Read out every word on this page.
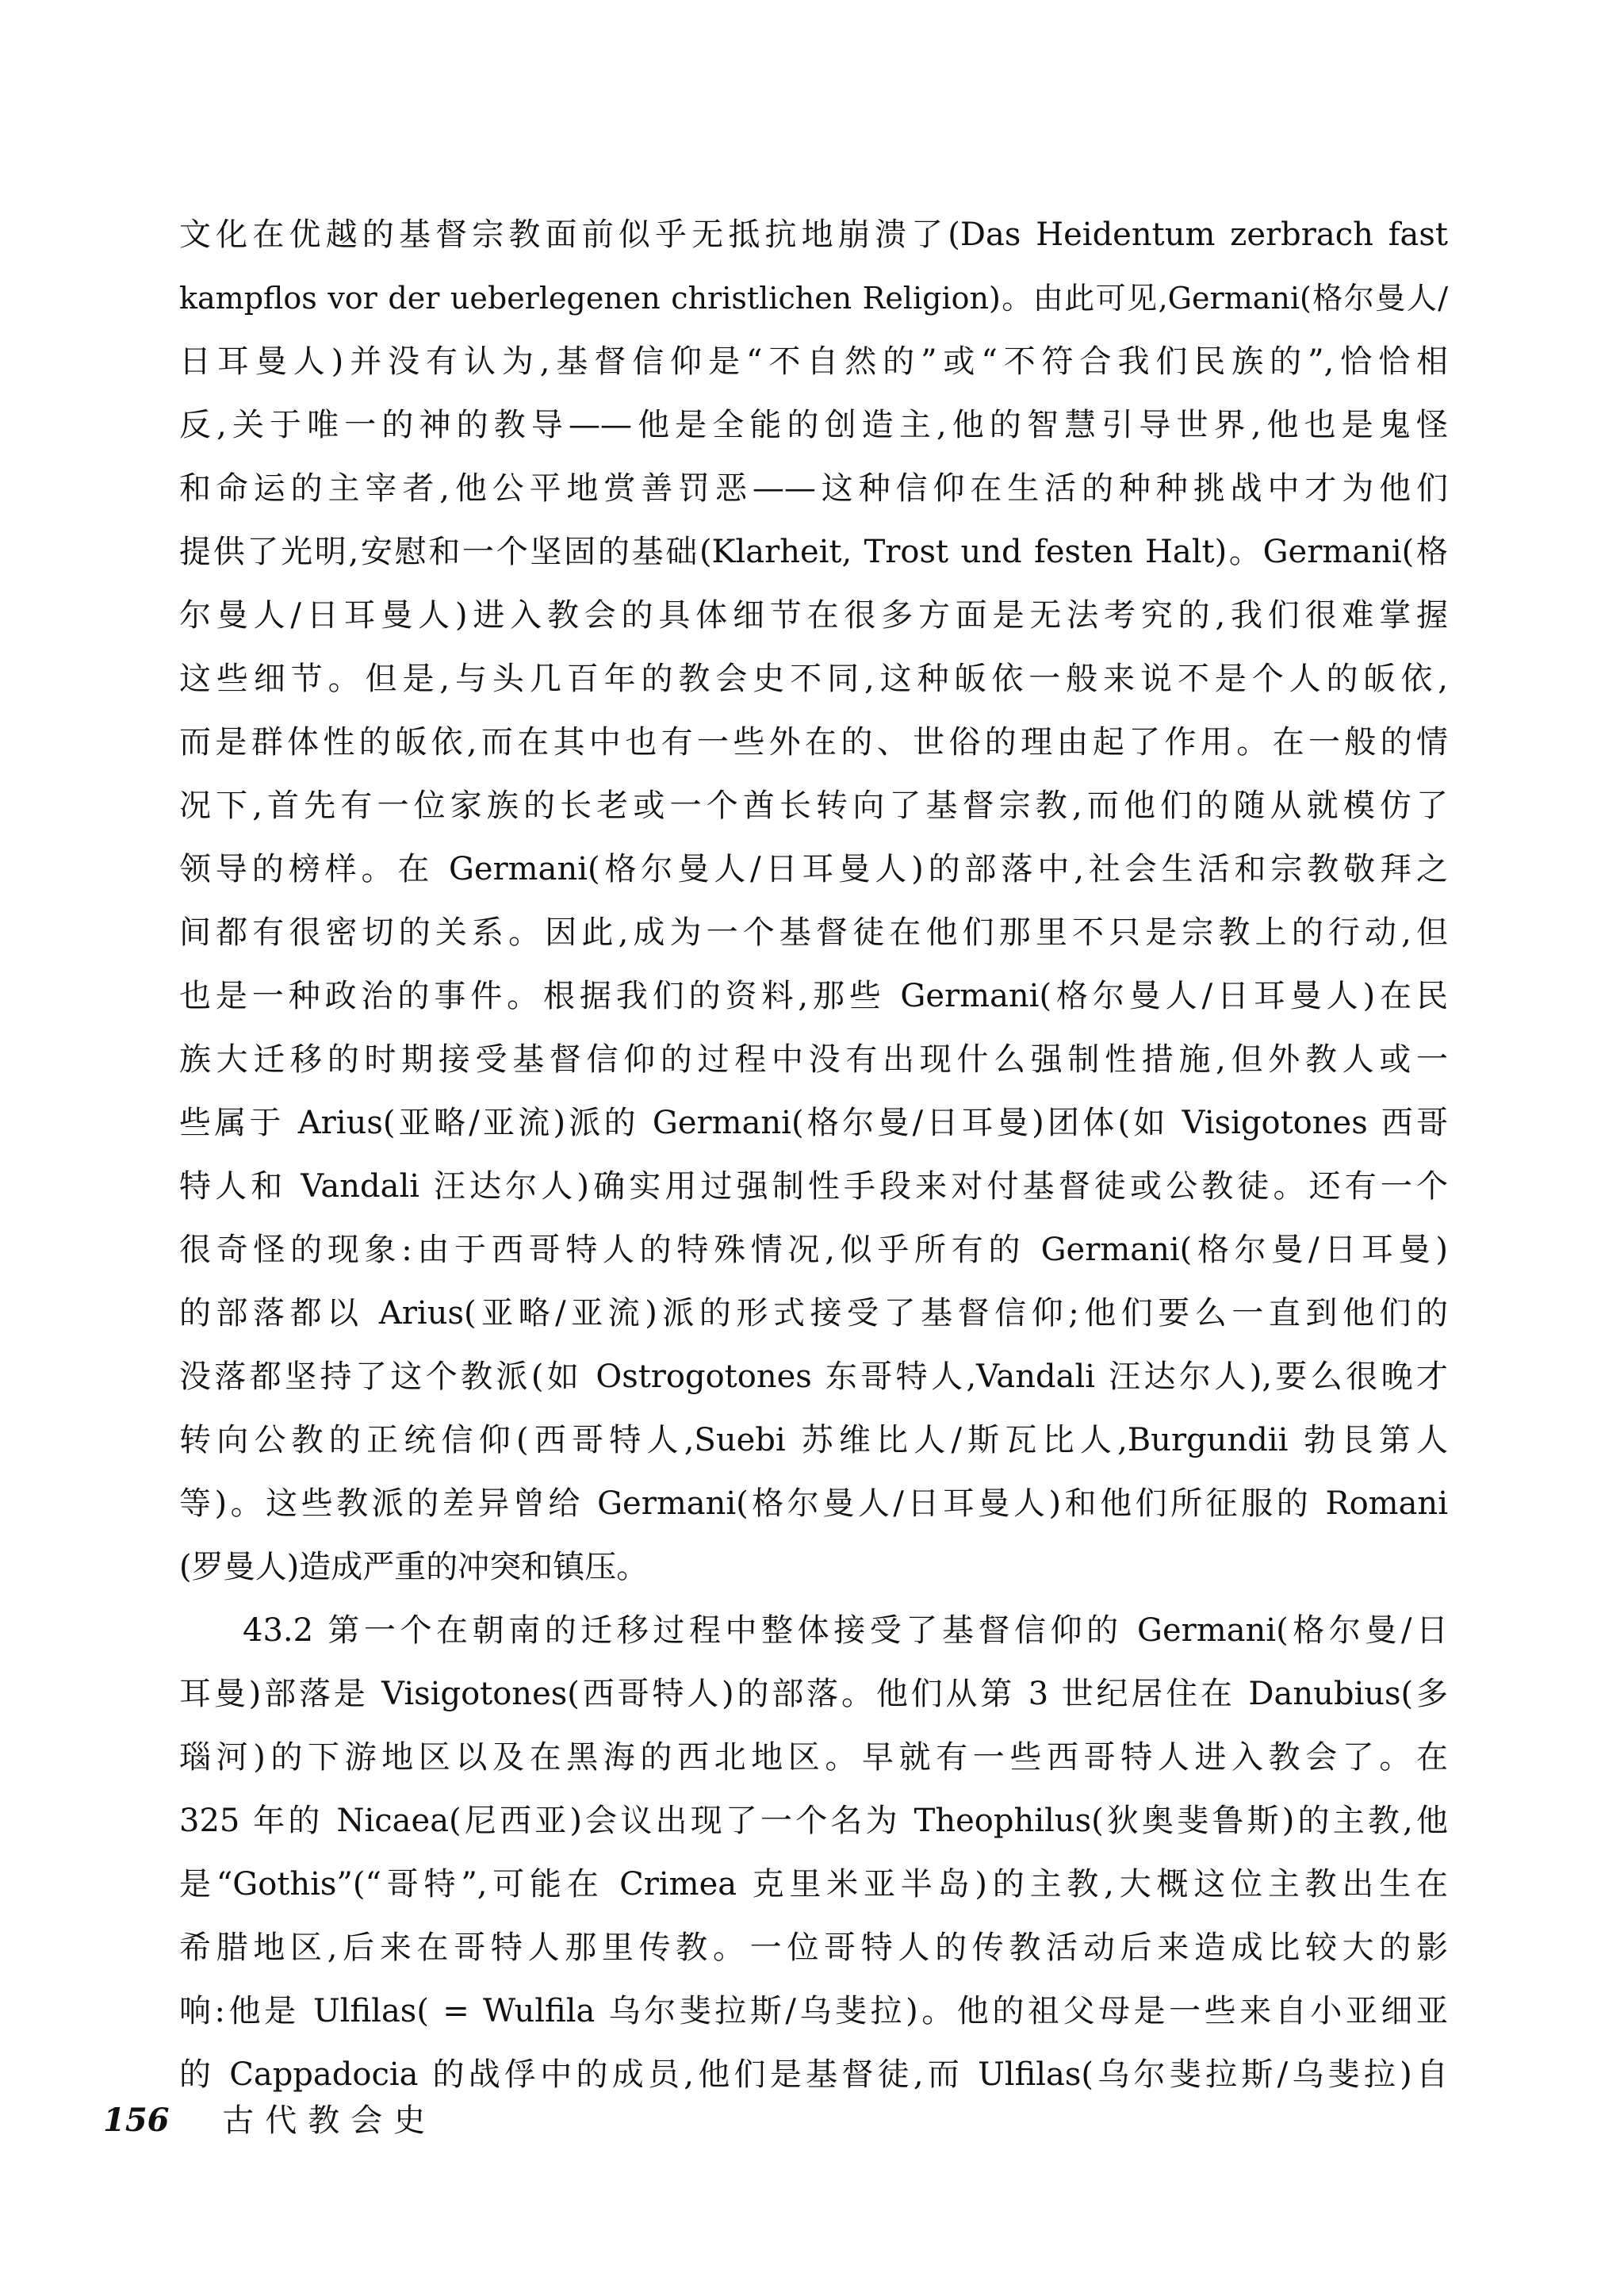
文化在优越的基督宗教面前似乎无抵抗地崩溃了(Das Heidentum zerbrach fast
kampflos vor der ueberlegenen christlichen Religion)。由此可见,Germani(格尔曼人/
日耳曼人)并没有认为,基督信仰是“不自然的”或“不符合我们民族的”,恰恰相
反,关于唯一的神的教导——他是全能的创造主,他的智慧引导世界,他也是鬼怪
和命运的主宰者,他公平地赏善罚恶——这种信仰在生活的种种挑战中才为他们
提供了光明,安慰和一个坚固的基础(Klarheit, Trost und festen Halt)。Germani(格
尔曼人/日耳曼人)进入教会的具体细节在很多方面是无法考究的,我们很难掌握
这些细节。但是,与头几百年的教会史不同,这种皈依一般来说不是个人的皈依,
而是群体性的皈依,而在其中也有一些外在的、世俗的理由起了作用。在一般的情
况下,首先有一位家族的长老或一个酋长转向了基督宗教,而他们的随从就模仿了
领导的榜样。在 Germani(格尔曼人/日耳曼人)的部落中,社会生活和宗教敬拜之
间都有很密切的关系。因此,成为一个基督徒在他们那里不只是宗教上的行动,但
也是一种政治的事件。根据我们的资料,那些 Germani(格尔曼人/日耳曼人)在民
族大迁移的时期接受基督信仰的过程中没有出现什么强制性措施,但外教人或一
些属于 Arius(亚略/亚流)派的 Germani(格尔曼/日耳曼)团体(如 Visigotones 西哥
特人和 Vandali 汪达尔人)确实用过强制性手段来对付基督徒或公教徒。还有一个
很奇怪的现象:由于西哥特人的特殊情况,似乎所有的 Germani(格尔曼/日耳曼)
的部落都以 Arius(亚略/亚流)派的形式接受了基督信仰;他们要么一直到他们的
没落都坚持了这个教派(如 Ostrogotones 东哥特人,Vandali 汪达尔人),要么很晚才
转向公教的正统信仰(西哥特人,Suebi 苏维比人/斯瓦比人,Burgundii 勃艮第人
等)。这些教派的差异曾给 Germani(格尔曼人/日耳曼人)和他们所征服的 Romani
(罗曼人)造成严重的冲突和镇压。
43.2 第一个在朝南的迁移过程中整体接受了基督信仰的 Germani(格尔曼/日
耳曼)部落是 Visigotones(西哥特人)的部落。他们从第 3 世纪居住在 Danubius(多
瑙河)的下游地区以及在黑海的西北地区。早就有一些西哥特人进入教会了。在
325 年的 Nicaea(尼西亚)会议出现了一个名为 Theophilus(狄奥斐鲁斯)的主教,他
是“Gothis”(“哥特”,可能在 Crimea 克里米亚半岛)的主教,大概这位主教出生在
希腊地区,后来在哥特人那里传教。一位哥特人的传教活动后来造成比较大的影
响:他是 Ulfilas( = Wulfila 乌尔斐拉斯/乌斐拉)。他的祖父母是一些来自小亚细亚
的 Cappadocia 的战俘中的成员,他们是基督徒,而 Ulfilas(乌尔斐拉斯/乌斐拉)自
156 古代教会史
